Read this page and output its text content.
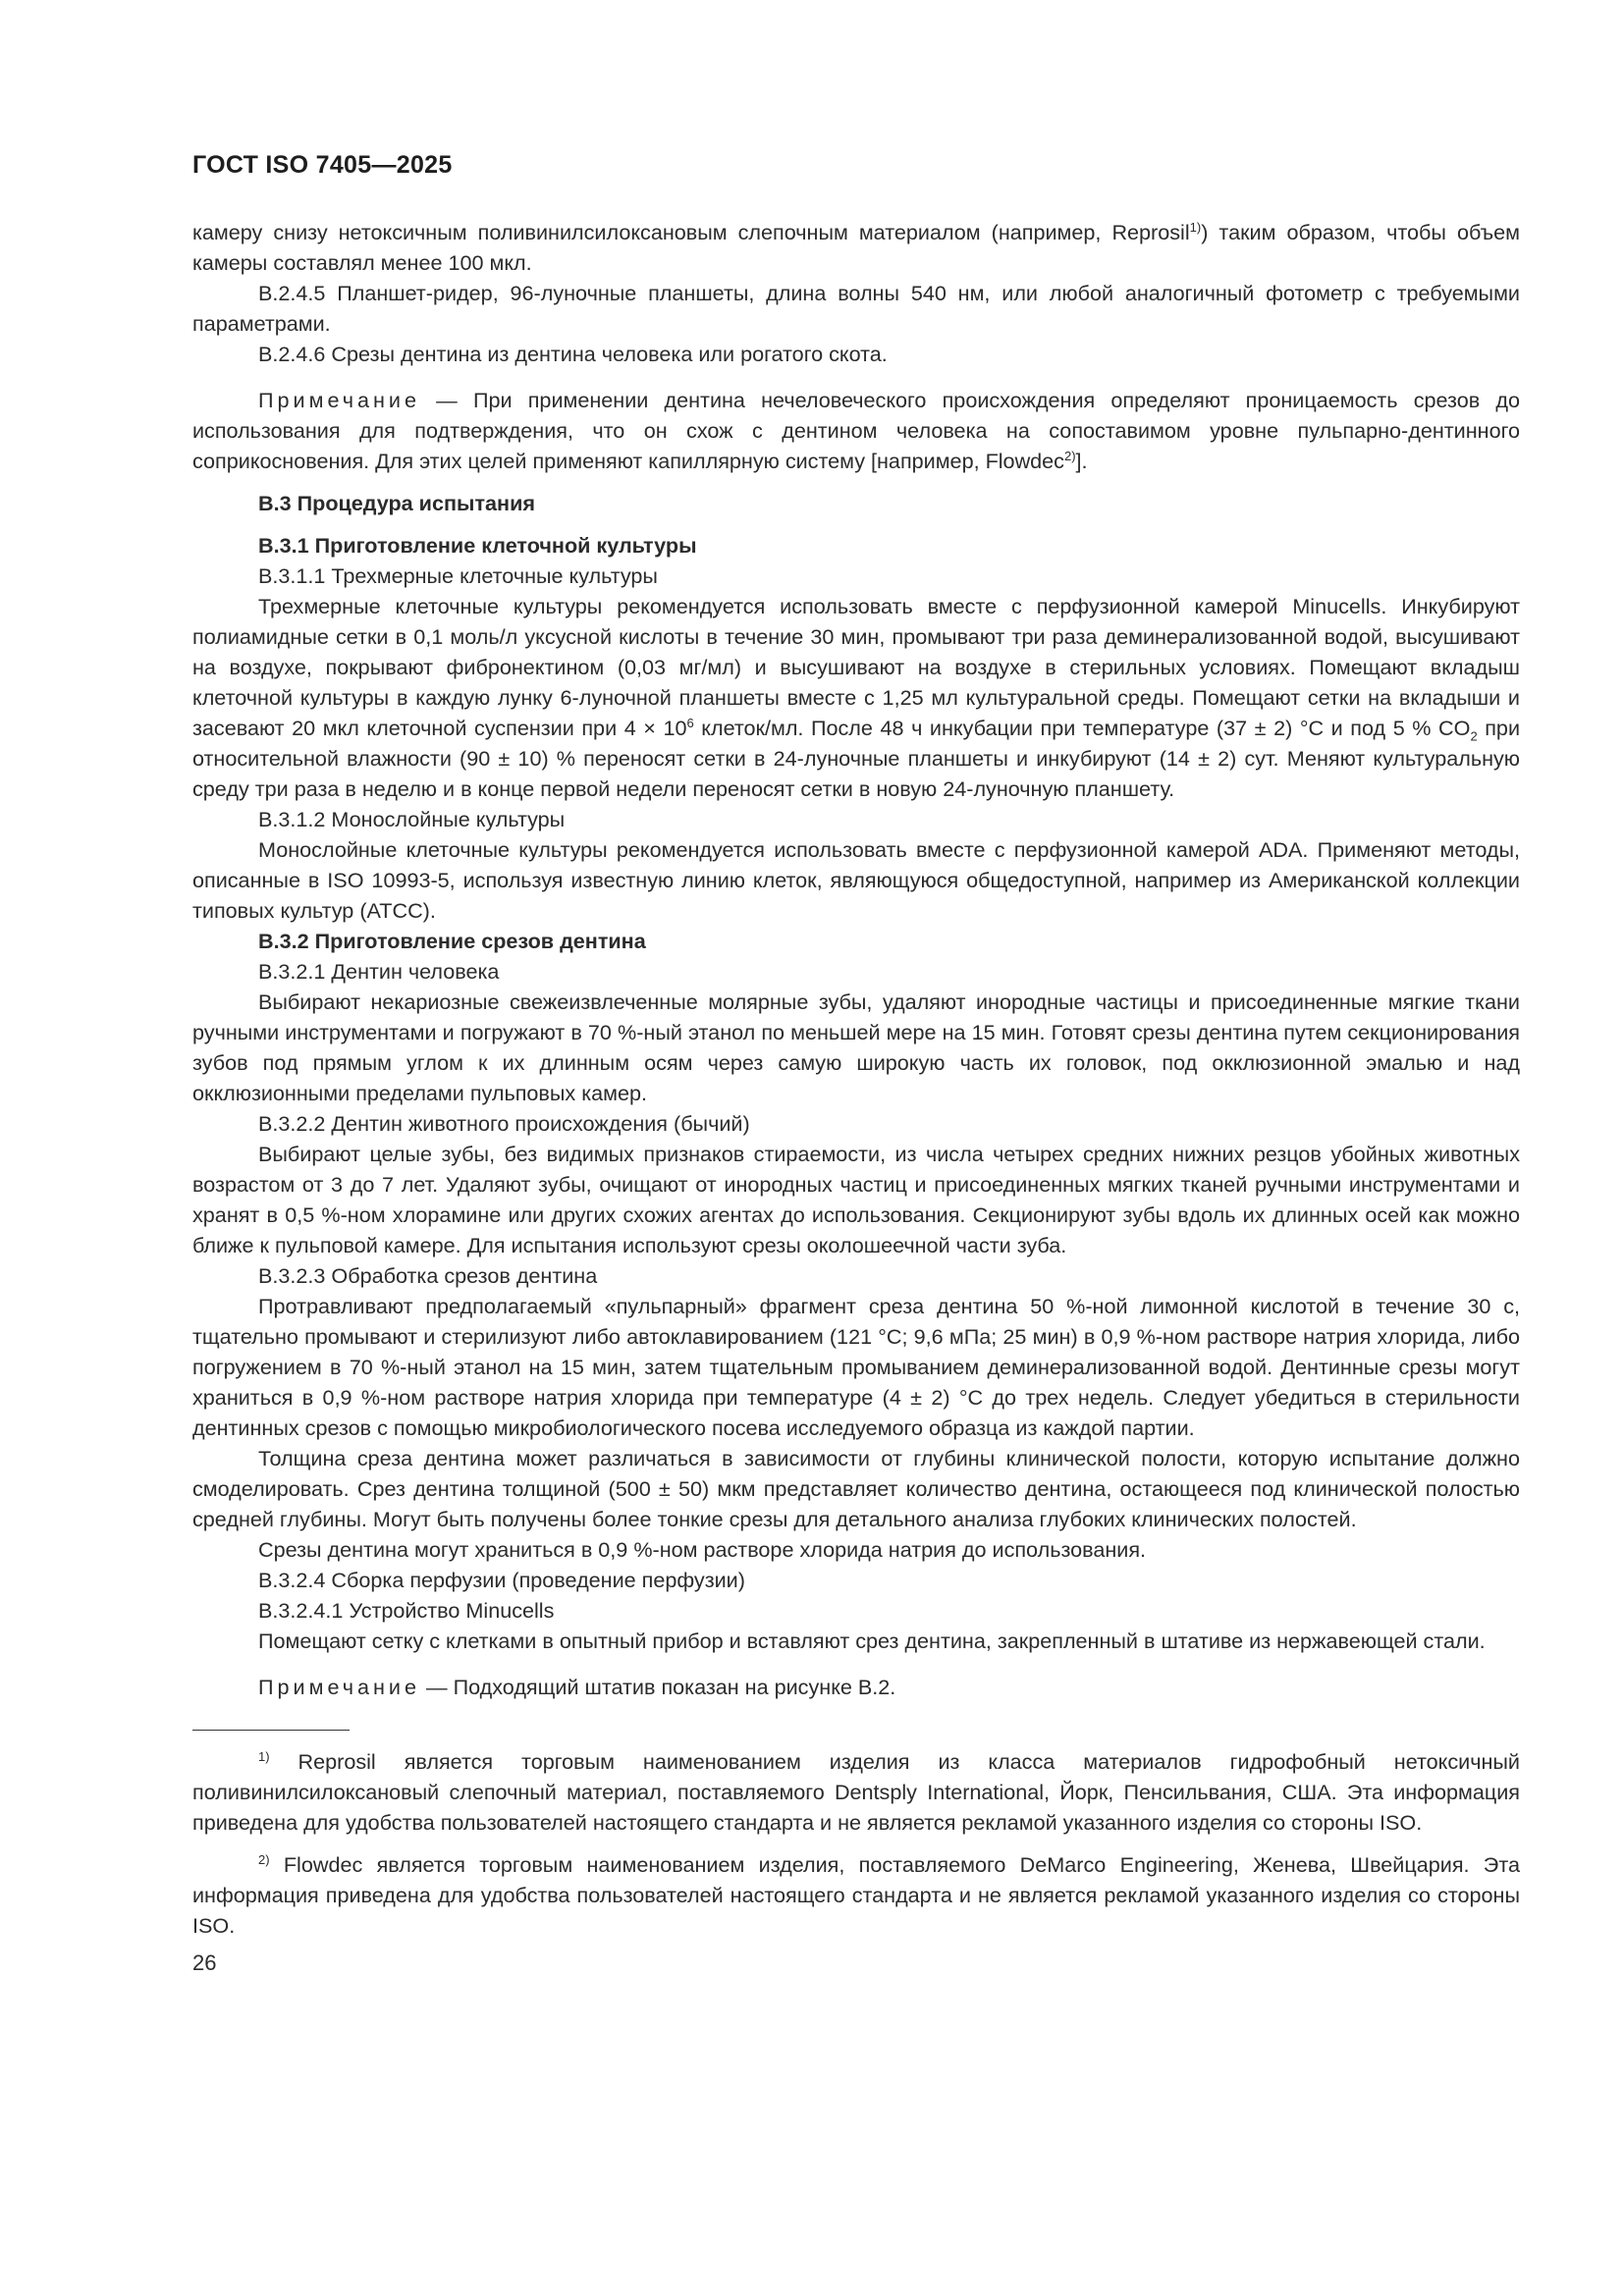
ГОСТ ISO 7405—2025

камеру снизу нетоксичным поливинилсилоксановым слепочным материалом (например, Reprosil$^{1)}$) таким образом, чтобы объем камеры составлял менее 100 мкл.

B.2.4.5 Планшет-ридер, 96-луночные планшеты, длина волны 540 нм, или любой аналогичный фотометр с требуемыми параметрами.

B.2.4.6 Срезы дентина из дентина человека или рогатого скота.

Примечание — При применении дентина нечеловеческого происхождения определяют проницаемость срезов до использования для подтверждения, что он схож с дентином человека на сопоставимом уровне пульпарно-дентинного соприкосновения. Для этих целей применяют капиллярную систему [например, Flowdec$^{2)}$].

B.3 Процедура испытания

B.3.1 Приготовление клеточной культуры

B.3.1.1 Трехмерные клеточные культуры

Трехмерные клеточные культуры рекомендуется использовать вместе с перфузионной камерой Minucells. Инкубируют полиамидные сетки в 0,1 моль/л уксусной кислоты в течение 30 мин, промывают три раза деминерализованной водой, высушивают на воздухе, покрывают фибронектином (0,03 мг/мл) и высушивают на воздухе в стерильных условиях. Помещают вкладыш клеточной культуры в каждую лунку 6-луночной планшеты вместе с 1,25 мл культуральной среды. Помещают сетки на вкладыши и засевают 20 мкл клеточной суспензии при $4 \times 10^6$ клеток/мл. После 48 ч инкубации при температуре (37 ± 2) °С и под 5 % $CO_2$ при относительной влажности (90 ± 10) % переносят сетки в 24-луночные планшеты и инкубируют (14 ± 2) сут. Меняют культуральную среду три раза в неделю и в конце первой недели переносят сетки в новую 24-луночную планшету.

B.3.1.2 Монослойные культуры

Монослойные клеточные культуры рекомендуется использовать вместе с перфузионной камерой ADA. Применяют методы, описанные в ISO 10993-5, используя известную линию клеток, являющуюся общедоступной, например из Американской коллекции типовых культур (ATCC).

B.3.2 Приготовление срезов дентина

B.3.2.1 Дентин человека

Выбирают некариозные свежеизвлеченные молярные зубы, удаляют инородные частицы и присоединенные мягкие ткани ручными инструментами и погружают в 70 %-ный этанол по меньшей мере на 15 мин. Готовят срезы дентина путем секционирования зубов под прямым углом к их длинным осям через самую широкую часть их головок, под окклюзионной эмалью и над окклюзионными пределами пульповых камер.

B.3.2.2 Дентин животного происхождения (бычий)

Выбирают целые зубы, без видимых признаков стираемости, из числа четырех средних нижних резцов убойных животных возрастом от 3 до 7 лет. Удаляют зубы, очищают от инородных частиц и присоединенных мягких тканей ручными инструментами и хранят в 0,5 %-ном хлорамине или других схожих агентах до использования. Секционируют зубы вдоль их длинных осей как можно ближе к пульповой камере. Для испытания используют срезы околошеечной части зуба.

B.3.2.3 Обработка срезов дентина

Протравливают предполагаемый «пульпарный» фрагмент среза дентина 50 %-ной лимонной кислотой в течение 30 с, тщательно промывают и стерилизуют либо автоклавированием (121 °С; 9,6 мПа; 25 мин) в 0,9 %-ном растворе натрия хлорида, либо погружением в 70 %-ный этанол на 15 мин, затем тщательным промыванием деминерализованной водой. Дентинные срезы могут храниться в 0,9 %-ном растворе натрия хлорида при температуре (4 ± 2) °С до трех недель. Следует убедиться в стерильности дентинных срезов с помощью микробиологического посева исследуемого образца из каждой партии.

Толщина среза дентина может различаться в зависимости от глубины клинической полости, которую испытание должно смоделировать. Срез дентина толщиной (500 ± 50) мкм представляет количество дентина, остающееся под клинической полостью средней глубины. Могут быть получены более тонкие срезы для детального анализа глубоких клинических полостей.

Срезы дентина могут храниться в 0,9 %-ном растворе хлорида натрия до использования.

B.3.2.4 Сборка перфузии (проведение перфузии)

B.3.2.4.1 Устройство Minucells

Помещают сетку с клетками в опытный прибор и вставляют срез дентина, закрепленный в штативе из нержавеющей стали.

Примечание — Подходящий штатив показан на рисунке B.2.

$^{1)}$ Reprosil является торговым наименованием изделия из класса материалов гидрофобный нетоксичный поливинилсилоксановый слепочный материал, поставляемого Dentsply International, Йорк, Пенсильвания, США. Эта информация приведена для удобства пользователей настоящего стандарта и не является рекламой указанного изделия со стороны ISO.

$^{2)}$ Flowdec является торговым наименованием изделия, поставляемого DeMarco Engineering, Женева, Швейцария. Эта информация приведена для удобства пользователей настоящего стандарта и не является рекламой указанного изделия со стороны ISO.

26
